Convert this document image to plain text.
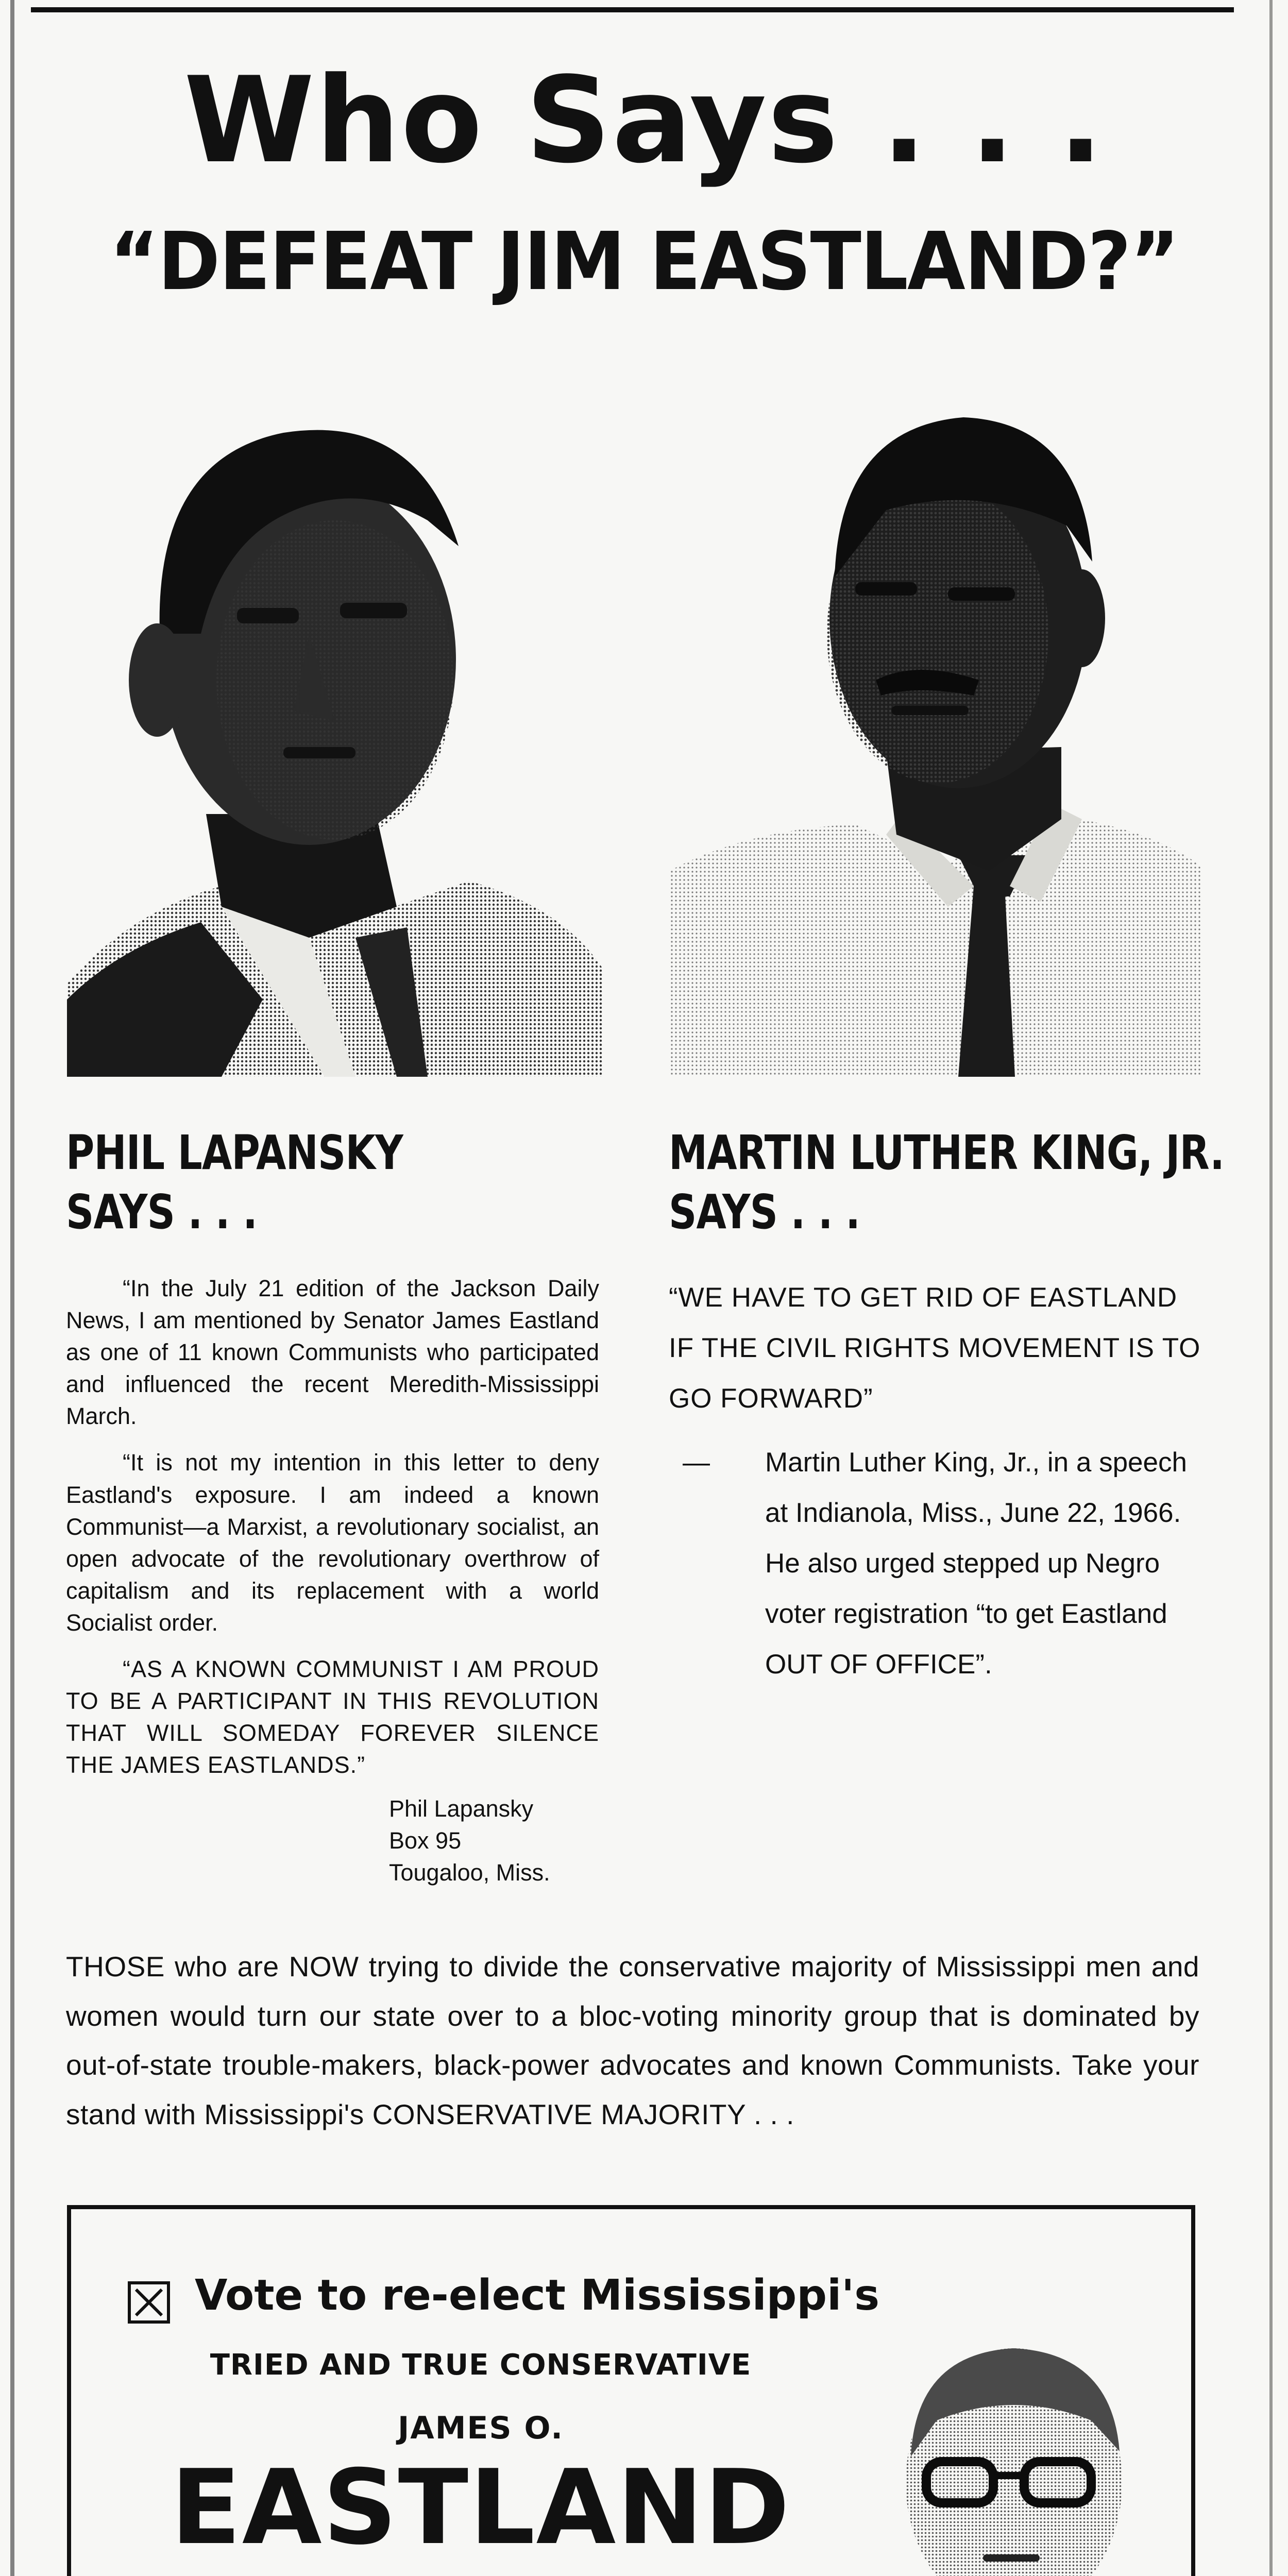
Who Says . . .
“DEFEAT JIM EASTLAND?”
PHIL LAPANSKY
SAYS . . .
MARTIN LUTHER KING, JR.
SAYS . . .

“In the July 21 edition of the Jackson Daily News, I am mentioned by Senator James Eastland as one of 11 known Communists who participated and influenced the recent Meredith-Mississippi March.

“It is not my intention in this letter to deny Eastland's exposure. I am indeed a known Communist—a Marxist, a revolutionary socialist, an open advocate of the revolutionary overthrow of capitalism and its replacement with a world Socialist order.

“AS A KNOWN COMMUNIST I AM PROUD TO BE A PARTICIPANT IN THIS REVOLUTION THAT WILL SOMEDAY FOREVER SILENCE THE JAMES EASTLANDS.”

Phil Lapansky
Box 95
Tougaloo, Miss.

“WE HAVE TO GET RID OF EASTLAND IF THE CIVIL RIGHTS MOVEMENT IS TO GO FORWARD”

— Martin Luther King, Jr., in a speech at Indianola, Miss., June 22, 1966. He also urged stepped up Negro voter registration “to get Eastland OUT OF OFFICE”.
THOSE who are NOW trying to divide the conservative majority of Mississippi men and women would turn our state over to a bloc-voting minority group that is dominated by out-of-state trouble-makers, black-power advocates and known Communists. Take your stand with Mississippi's CONSERVATIVE MAJORITY . . .
Vote to re-elect Mississippi's
TRIED AND TRUE CONSERVATIVE
JAMES O.
EASTLAND
